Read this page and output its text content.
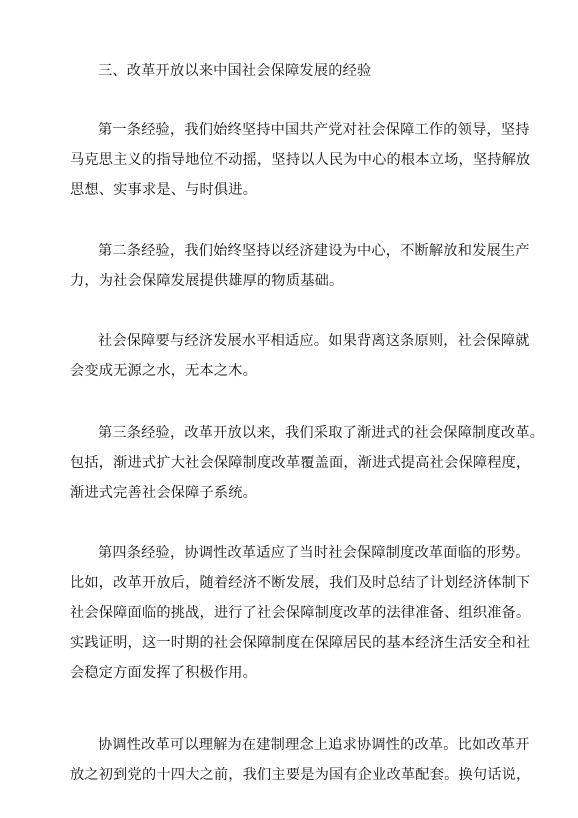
三、改革开放以来中国社会保障发展的经验
第一条经验，我们始终坚持中国共产党对社会保障工作的领导，坚持
马克思主义的指导地位不动摇，坚持以人民为中心的根本立场，坚持解放
思想、实事求是、与时俱进。
第二条经验，我们始终坚持以经济建设为中心，不断解放和发展生产
力，为社会保障发展提供雄厚的物质基础。
社会保障要与经济发展水平相适应。如果背离这条原则，社会保障就
会变成无源之水，无本之木。
第三条经验，改革开放以来，我们采取了渐进式的社会保障制度改革。
包括，渐进式扩大社会保障制度改革覆盖面，渐进式提高社会保障程度，
渐进式完善社会保障子系统。
第四条经验，协调性改革适应了当时社会保障制度改革面临的形势。
比如，改革开放后，随着经济不断发展，我们及时总结了计划经济体制下
社会保障面临的挑战，进行了社会保障制度改革的法律准备、组织准备。
实践证明，这一时期的社会保障制度在保障居民的基本经济生活安全和社
会稳定方面发挥了积极作用。
协调性改革可以理解为在建制理念上追求协调性的改革。比如改革开
放之初到党的十四大之前，我们主要是为国有企业改革配套。换句话说，
